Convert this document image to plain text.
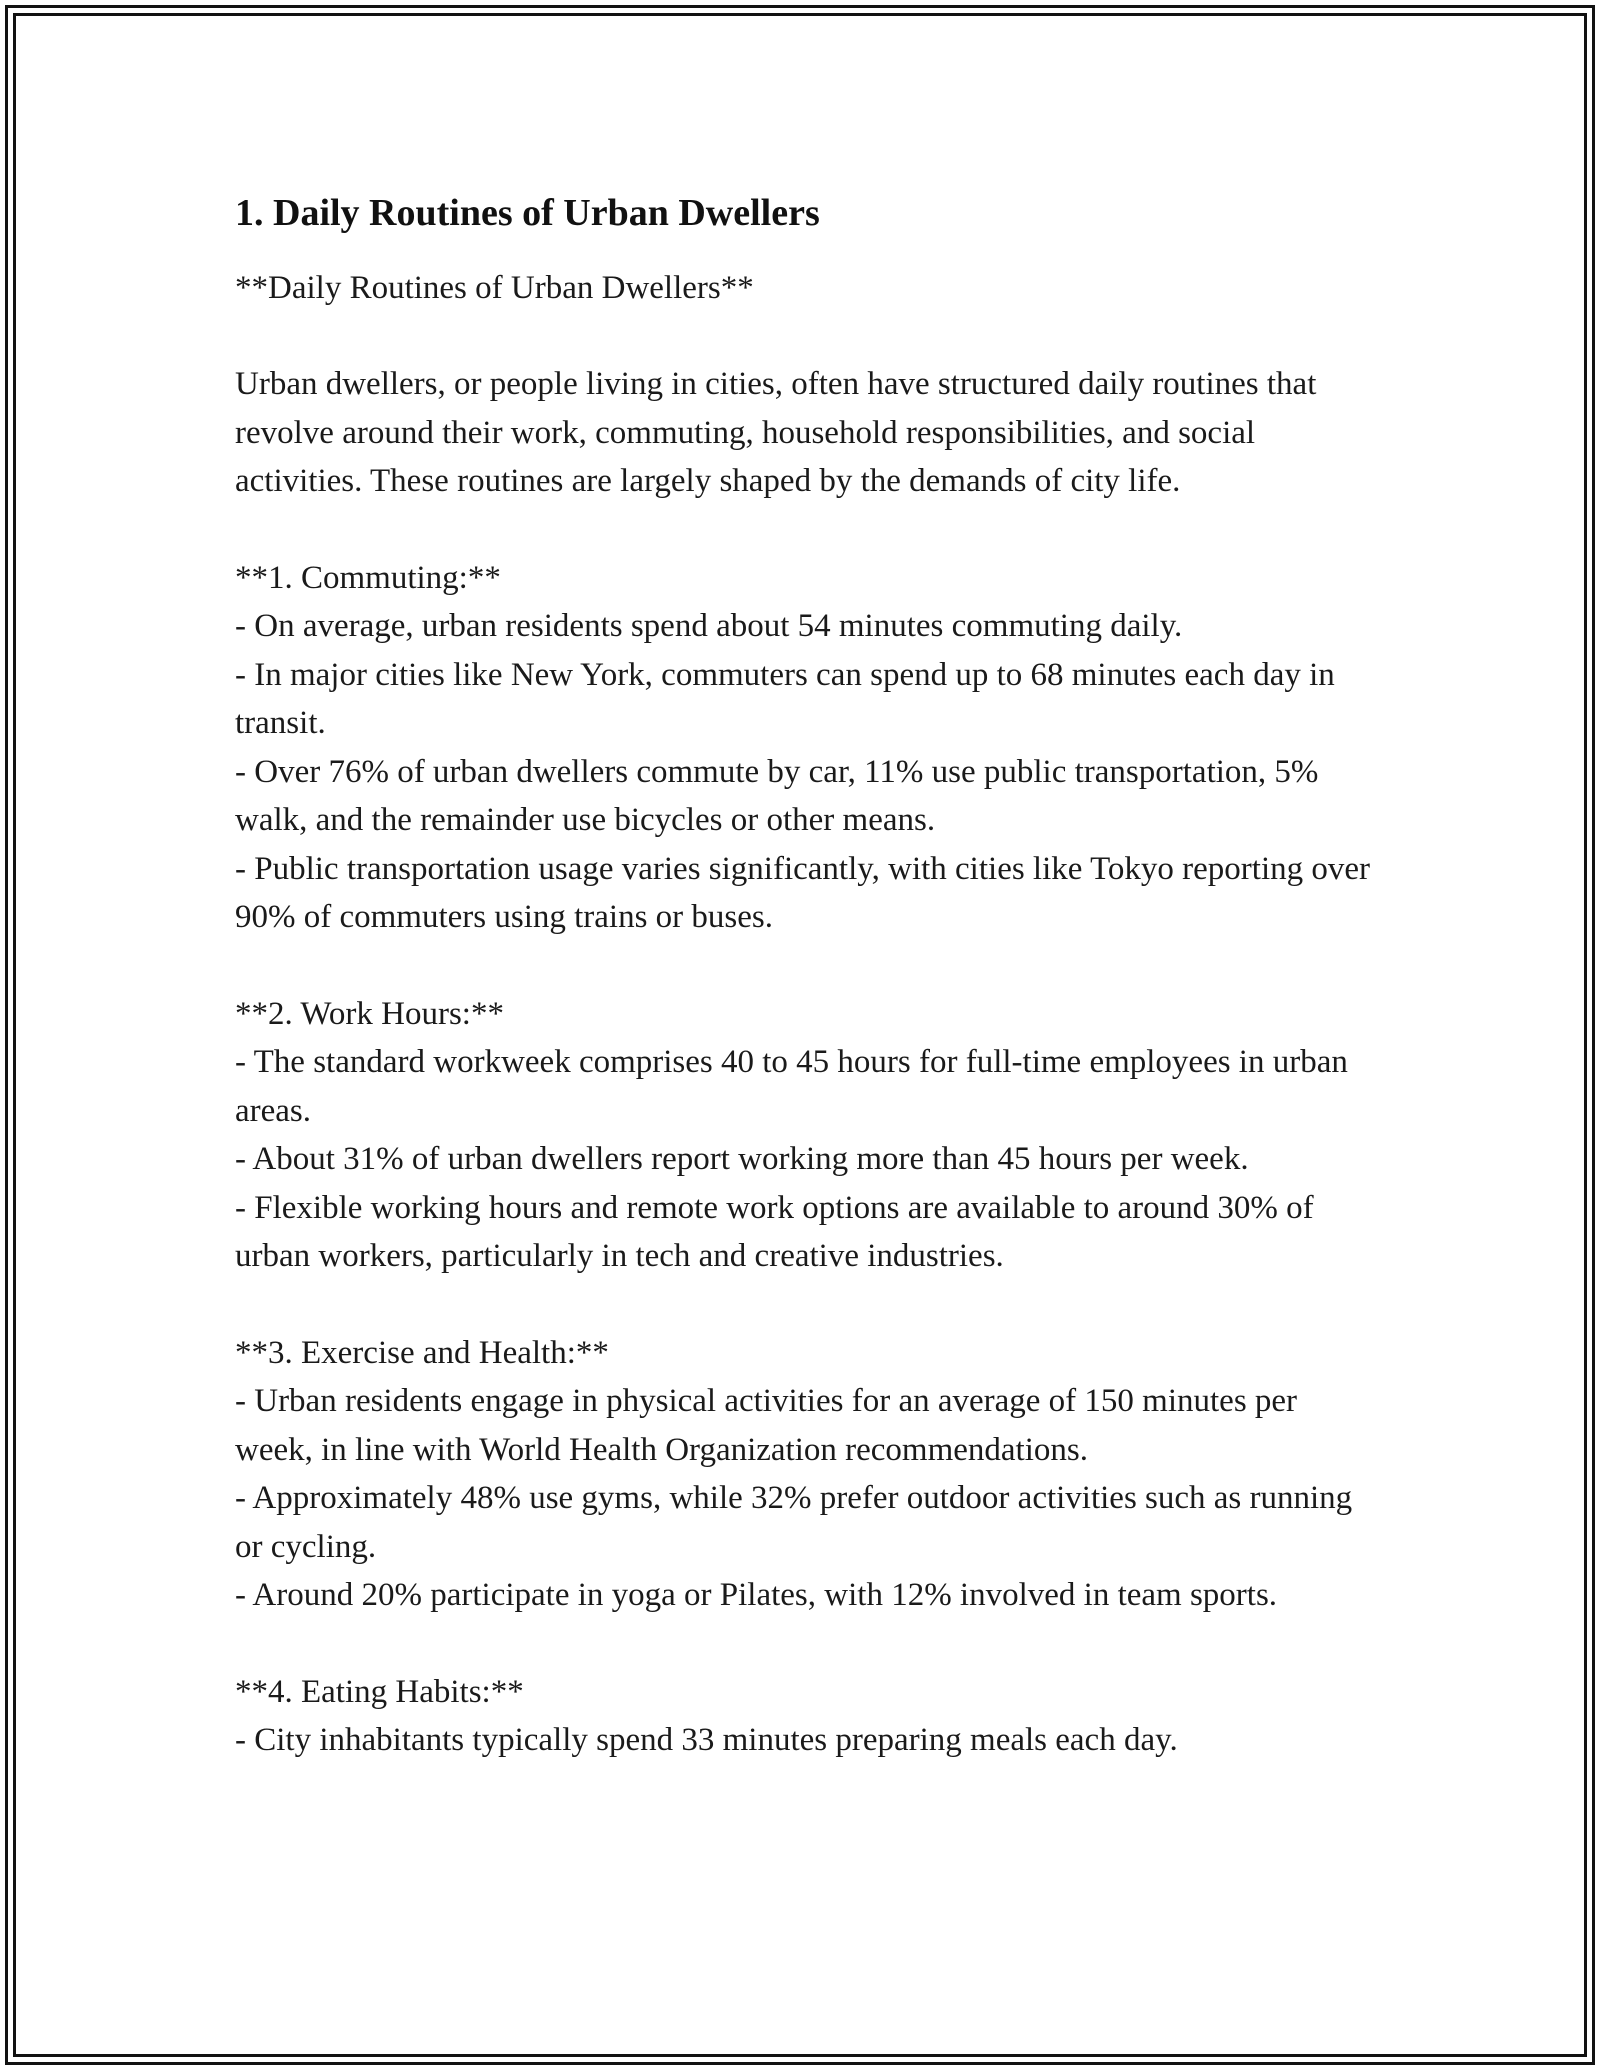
1. Daily Routines of Urban Dwellers
**Daily Routines of Urban Dwellers**

Urban dwellers, or people living in cities, often have structured daily routines that revolve around their work, commuting, household responsibilities, and social activities. These routines are largely shaped by the demands of city life.

**1. Commuting:**
- On average, urban residents spend about 54 minutes commuting daily.
- In major cities like New York, commuters can spend up to 68 minutes each day in transit.
- Over 76% of urban dwellers commute by car, 11% use public transportation, 5% walk, and the remainder use bicycles or other means.
- Public transportation usage varies significantly, with cities like Tokyo reporting over 90% of commuters using trains or buses.
**2. Work Hours:**
- The standard workweek comprises 40 to 45 hours for full-time employees in urban areas.
- About 31% of urban dwellers report working more than 45 hours per week.
- Flexible working hours and remote work options are available to around 30% of urban workers, particularly in tech and creative industries.
**3. Exercise and Health:**
- Urban residents engage in physical activities for an average of 150 minutes per week, in line with World Health Organization recommendations.
- Approximately 48% use gyms, while 32% prefer outdoor activities such as running or cycling.
- Around 20% participate in yoga or Pilates, with 12% involved in team sports.
**4. Eating Habits:**
- City inhabitants typically spend 33 minutes preparing meals each day.
